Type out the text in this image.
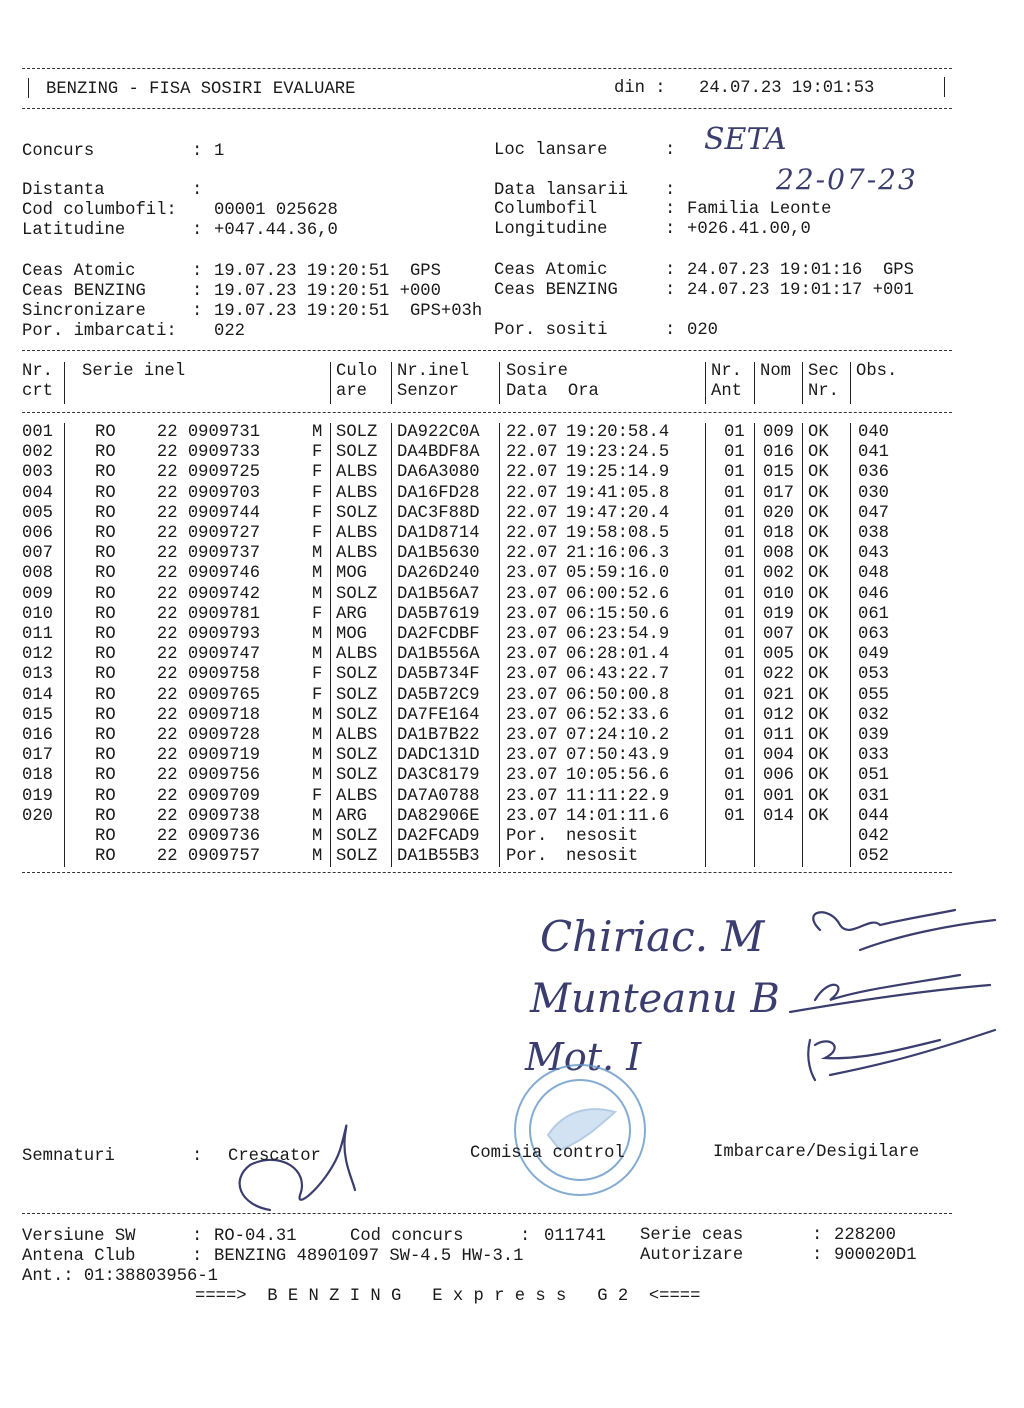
BENZING - FISA SOSIRI EVALUARE	din : 24.07.23 19:01:53
Concurs	: 1	Loc lansare	: SETA
Distanta	:	Data lansarii :	22-07-23
Cod columbofil: 00001 025628	Columbofil	: Familia Leonte
Latitudine	: +047.44.36,0	Longitudine	: +026.41.00,0
Ceas Atomic	: 19.07.23 19:20:51  GPS	Ceas Atomic	: 24.07.23 19:01:16  GPS
Ceas BENZING	: 19.07.23 19:20:51 +000	Ceas BENZING	: 24.07.23 19:01:17 +001
Sincronizare	: 19.07.23 19:20:51  GPS+03h
Por. imbarcati: 022	Por. sositi	: 020
Nr. Serie inel	Culo Nr.inel Sosire	Nr. Nom Sec Obs.
crt	are Senzor	Data  Ora	Ant	Nr.
001 RO    22 0909731	M SOLZ DA922C0A 22.07 19:20:58.4	01 009 OK 040
002 RO    22 0909733	F SOLZ DA4BDF8A 22.07 19:23:24.5	01 016 OK 041
003 RO    22 0909725	F ALBS DA6A3080 22.07 19:25:14.9	01 015 OK 036
004 RO    22 0909703	F ALBS DA16FD28 22.07 19:41:05.8	01 017 OK 030
005 RO    22 0909744	F SOLZ DAC3F88D 22.07 19:47:20.4	01 020 OK 047
006 RO    22 0909727	F ALBS DA1D8714 22.07 19:58:08.5	01 018 OK 038
007 RO    22 0909737	M ALBS DA1B5630 22.07 21:16:06.3	01 008 OK 043
008 RO    22 0909746	M MOG DA26D240 23.07 05:59:16.0	01 002 OK 048
009 RO    22 0909742	M SOLZ DA1B56A7 23.07 06:00:52.6	01 010 OK 046
010 RO    22 0909781	F ARG DA5B7619 23.07 06:15:50.6	01 019 OK 061
011 RO    22 0909793	M MOG DA2FCDBF 23.07 06:23:54.9	01 007 OK 063
012 RO    22 0909747	M ALBS DA1B556A 23.07 06:28:01.4	01 005 OK 049
013 RO    22 0909758	F SOLZ DA5B734F 23.07 06:43:22.7	01 022 OK 053
014 RO    22 0909765	F SOLZ DA5B72C9 23.07 06:50:00.8	01 021 OK 055
015 RO    22 0909718	M SOLZ DA7FE164 23.07 06:52:33.6	01 012 OK 032
016 RO    22 0909728	M ALBS DA1B7B22 23.07 07:24:10.2	01 011 OK 039
017 RO    22 0909719	M SOLZ DADC131D 23.07 07:50:43.9	01 004 OK 033
018 RO    22 0909756	M SOLZ DA3C8179 23.07 10:05:56.6	01 006 OK 051
019 RO    22 0909709	F ALBS DA7A0788 23.07 11:11:22.9	01 001 OK 031
020 RO    22 0909738	M ARG DA82906E 23.07 14:01:11.6	01 014 OK 044
RO    22 0909736	M SOLZ DA2FCAD9 Por. nesosit	042
RO    22 0909757	M SOLZ DA1B55B3 Por. nesosit	052
Chiriac. M
Munteanu B
Mot. I
Semnaturi	: Crescator	Comisia control	Imbarcare/Desigilare
Versiune SW	: RO-04.31	Cod concurs	: 011741 Serie ceas	: 228200
Antena Club	: BENZING 48901097 SW-4.5 HW-3.1	Autorizare	: 900020D1
Ant.: 01:38803956-1
====>  B E N Z I N G   E x p r e s s   G 2  <====
